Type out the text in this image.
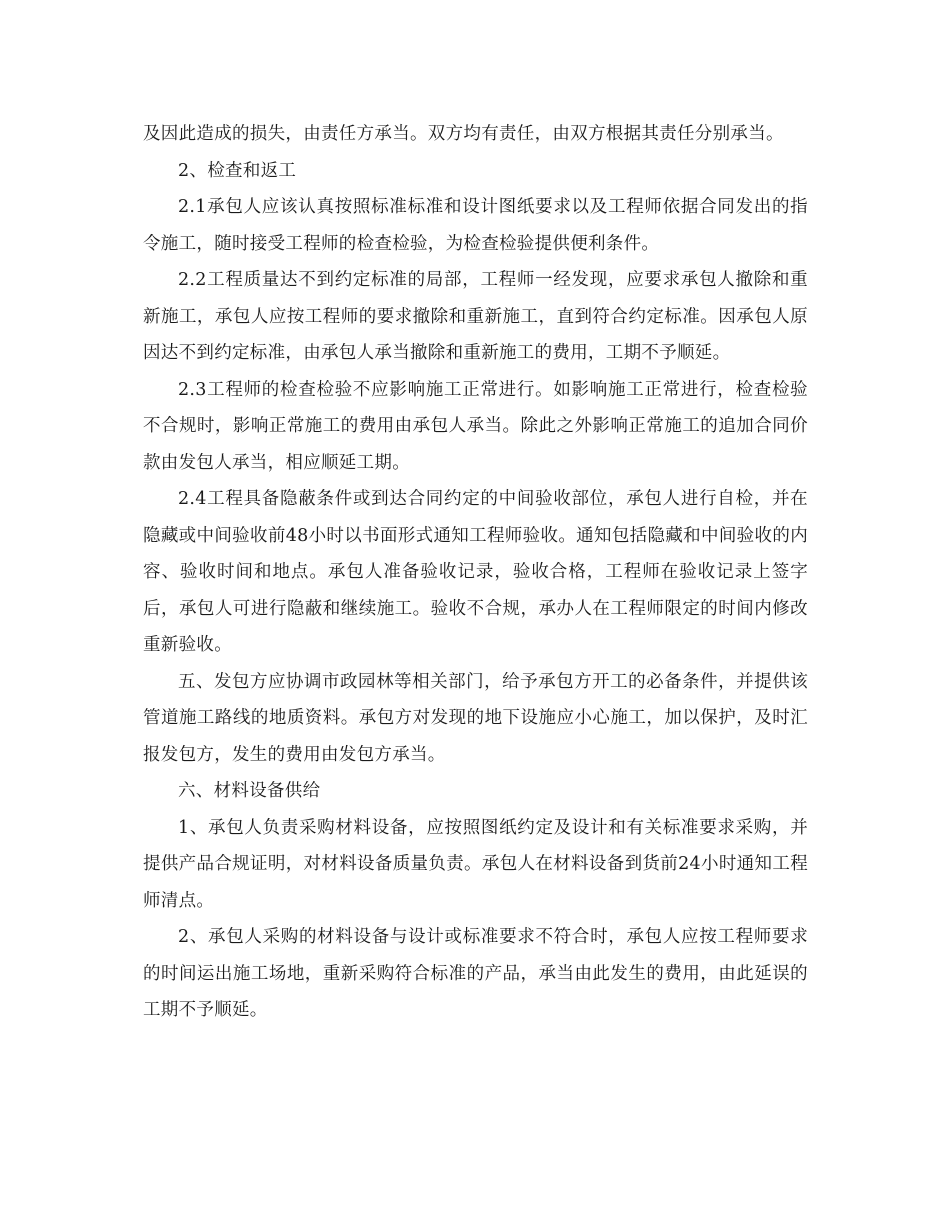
及因此造成的损失，由责任方承当。双方均有责任，由双方根据其责任分别承当。

2、检查和返工

2.1承包人应该认真按照标准标准和设计图纸要求以及工程师依据合同发出的指令施工，随时接受工程师的检查检验，为检查检验提供便利条件。

2.2工程质量达不到约定标准的局部，工程师一经发现，应要求承包人撤除和重新施工，承包人应按工程师的要求撤除和重新施工，直到符合约定标准。因承包人原因达不到约定标准，由承包人承当撤除和重新施工的费用，工期不予顺延。

2.3工程师的检查检验不应影响施工正常进行。如影响施工正常进行，检查检验不合规时，影响正常施工的费用由承包人承当。除此之外影响正常施工的追加合同价款由发包人承当，相应顺延工期。

2.4工程具备隐蔽条件或到达合同约定的中间验收部位，承包人进行自检，并在隐藏或中间验收前48小时以书面形式通知工程师验收。通知包括隐藏和中间验收的内容、验收时间和地点。承包人准备验收记录，验收合格，工程师在验收记录上签字后，承包人可进行隐蔽和继续施工。验收不合规，承办人在工程师限定的时间内修改重新验收。

五、发包方应协调市政园林等相关部门，给予承包方开工的必备条件，并提供该管道施工路线的地质资料。承包方对发现的地下设施应小心施工，加以保护，及时汇报发包方，发生的费用由发包方承当。

六、材料设备供给

1、承包人负责采购材料设备，应按照图纸约定及设计和有关标准要求采购，并提供产品合规证明，对材料设备质量负责。承包人在材料设备到货前24小时通知工程师清点。

2、承包人采购的材料设备与设计或标准要求不符合时，承包人应按工程师要求的时间运出施工场地，重新采购符合标准的产品，承当由此发生的费用，由此延误的工期不予顺延。
